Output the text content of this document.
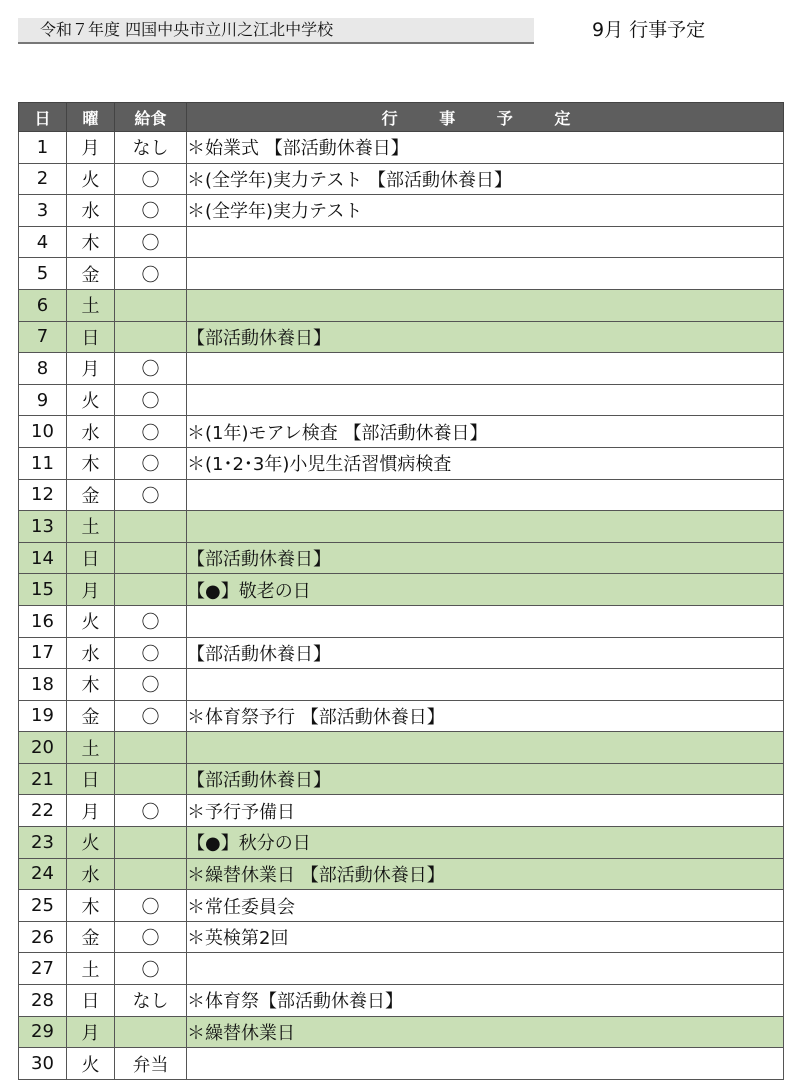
令和７年度 四国中央市立川之江北中学校	9月 行事予定
日	曜	給食	行 事 予 定
1	月	なし	＊始業式 【部活動休養日】
2	火	〇	＊(全学年)実力テスト 【部活動休養日】
3	水	〇	＊(全学年)実力テスト
4	木	〇	
5	金	〇	
6	土		
7	日		【部活動休養日】
8	月	〇	
9	火	〇	
10	水	〇	＊(1年)モアレ検査 【部活動休養日】
11	木	〇	＊(1･2･3年)小児生活習慣病検査
12	金	〇	
13	土		
14	日		【部活動休養日】
15	月		【●】敬老の日
16	火	〇	
17	水	〇	【部活動休養日】
18	木	〇	
19	金	〇	＊体育祭予行 【部活動休養日】
20	土		
21	日		【部活動休養日】
22	月	〇	＊予行予備日
23	火		【●】秋分の日
24	水		＊繰替休業日 【部活動休養日】
25	木	〇	＊常任委員会
26	金	〇	＊英検第2回
27	土	〇	
28	日	なし	＊体育祭【部活動休養日】
29	月		＊繰替休業日
30	火	弁当	
